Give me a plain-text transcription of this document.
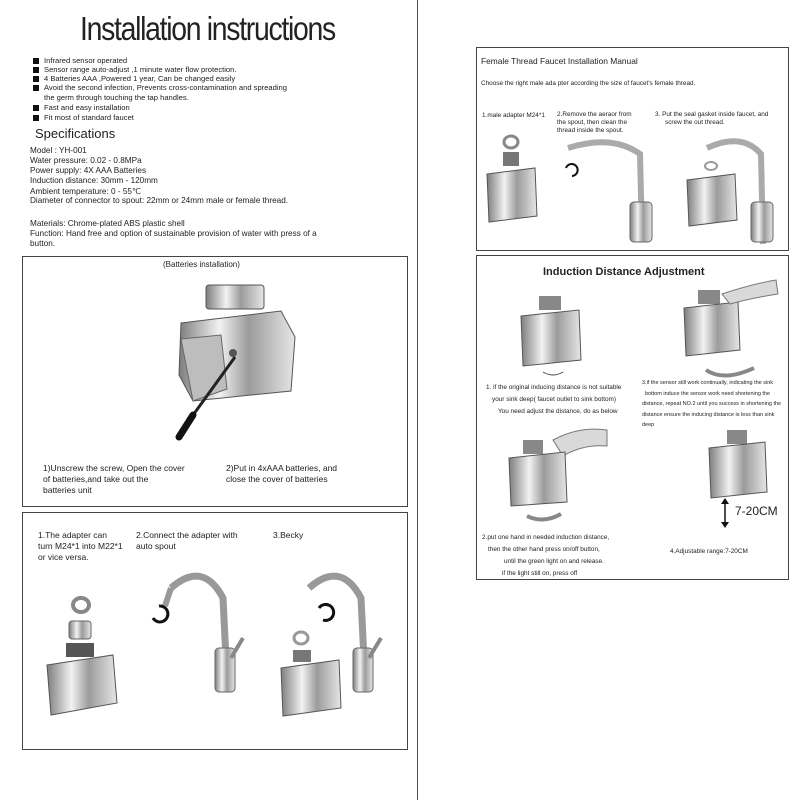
Installation instructions
Infrared sensor operated
Sensor range auto-adjust ,1 minute water flow protection.
4 Batteries AAA ,Powered 1 year, Can be changed easily
Avoid the second infection, Prevents cross-contamination and spreading
the germ through touching the tap handles.
Fast and easy installation
Fit most of standard faucet
Specifications
Model : YH-001
Water pressure: 0.02 - 0.8MPa
Power supply: 4X AAA Batteries
Induction distance: 30mm - 120mm
Ambient temperature: 0 - 55℃
Diameter of connector to spout: 22mm or 24mm male or female thread.
Materials: Chrome-plated ABS plastic shell
Function: Hand free and option of sustainable provision of water with press of a
button.
(Batteries installation)
1)Unscrew the screw, Open the cover
of batteries,and take out the
batteries unit
2)Put in 4xAAA batteries, and
close the cover of batteries
1.The adapter can
turn M24*1 into M22*1
or vice versa.
2.Connect the adapter with
auto spout
3.Becky
Female Thread Faucet Installation Manual
Choose the right male ada pter according the size of faucet's female thread.
1.male adapter M24*1 2.Remove the aeraor from
the spout, then clean the
thread inside the spout.
3. Put the seal gasket inside faucet, and
screw the out thread.
Induction Distance Adjustment
1. if the original inducing distance is not suitable
your sink deep( faucet outlet to sink bottom)
You need adjust the distance, do as below
3.if the sensor still work continually, indicating the sink
bottom induce the sensor work need shortening the
distance, repeat NO.2 until you success in shortening the
distance ensure the inducing distance is less than sink
deep
7-20CM
2.put one hand in needed induction distance,
then the other hand press on/off button,
until the green light on and release.
if the light still on, press off
4.Adjustable range:7-20CM
